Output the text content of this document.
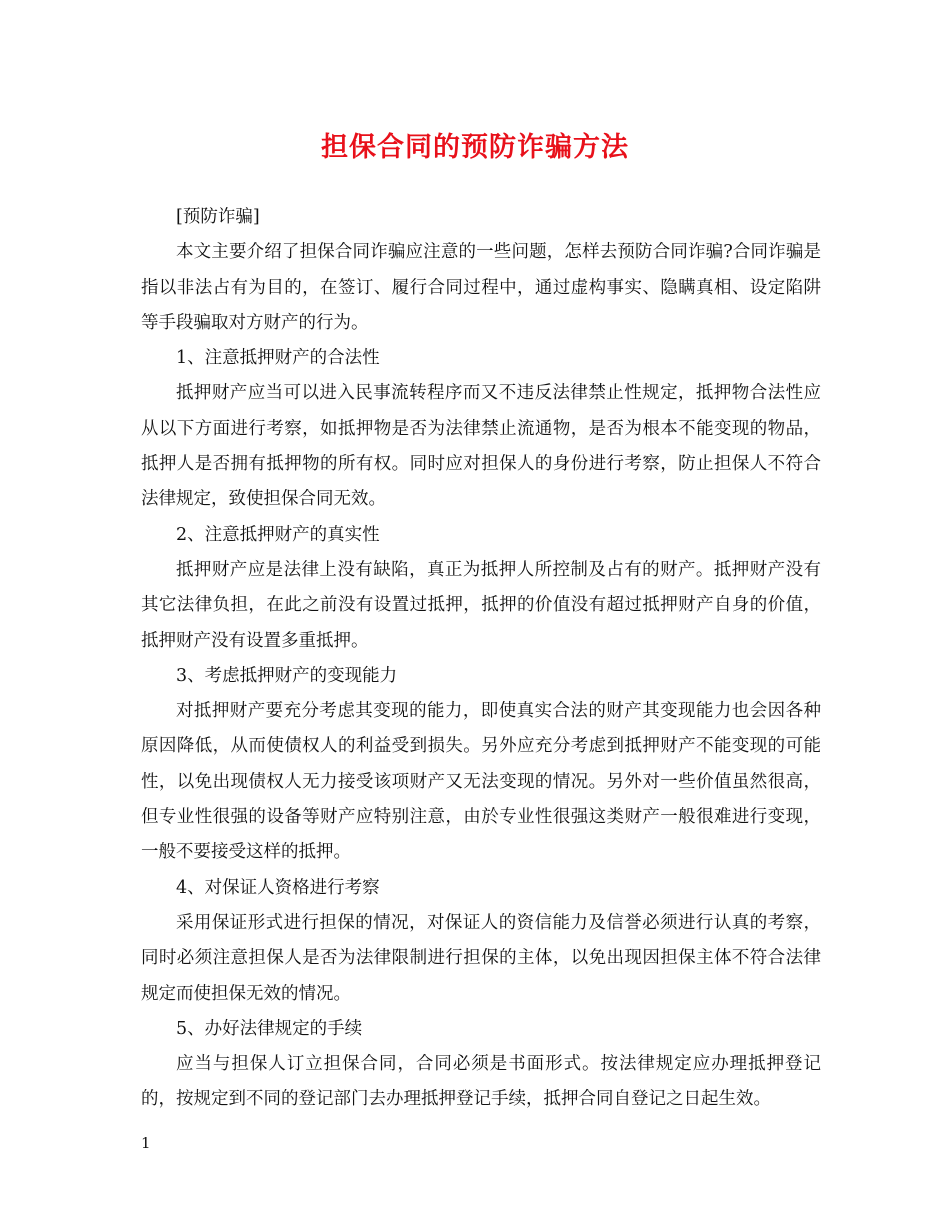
担保合同的预防诈骗方法

[预防诈骗]

本文主要介绍了担保合同诈骗应注意的一些问题，怎样去预防合同诈骗?合同诈骗是指以非法占有为目的，在签订、履行合同过程中，通过虚构事实、隐瞒真相、设定陷阱等手段骗取对方财产的行为。

1、注意抵押财产的合法性

抵押财产应当可以进入民事流转程序而又不违反法律禁止性规定，抵押物合法性应从以下方面进行考察，如抵押物是否为法律禁止流通物，是否为根本不能变现的物品，抵押人是否拥有抵押物的所有权。同时应对担保人的身份进行考察，防止担保人不符合法律规定，致使担保合同无效。

2、注意抵押财产的真实性

抵押财产应是法律上没有缺陷，真正为抵押人所控制及占有的财产。抵押财产没有其它法律负担，在此之前没有设置过抵押，抵押的价值没有超过抵押财产自身的价值，抵押财产没有设置多重抵押。

3、考虑抵押财产的变现能力

对抵押财产要充分考虑其变现的能力，即使真实合法的财产其变现能力也会因各种原因降低，从而使债权人的利益受到损失。另外应充分考虑到抵押财产不能变现的可能性，以免出现债权人无力接受该项财产又无法变现的情况。另外对一些价值虽然很高，但专业性很强的设备等财产应特别注意，由於专业性很强这类财产一般很难进行变现，一般不要接受这样的抵押。

4、对保证人资格进行考察

采用保证形式进行担保的情况，对保证人的资信能力及信誉必须进行认真的考察，同时必须注意担保人是否为法律限制进行担保的主体，以免出现因担保主体不符合法律规定而使担保无效的情况。

5、办好法律规定的手续

应当与担保人订立担保合同，合同必须是书面形式。按法律规定应办理抵押登记的，按规定到不同的登记部门去办理抵押登记手续，抵押合同自登记之日起生效。

1
